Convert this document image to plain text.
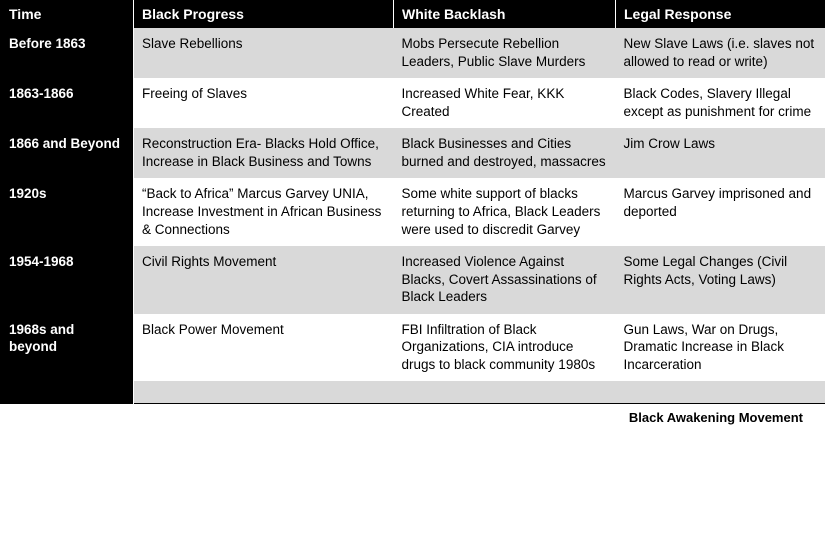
Time	Black Progress	White Backlash	Legal Response
Before 1863	Slave Rebellions	Mobs Persecute Rebellion Leaders, Public Slave Murders	New Slave Laws (i.e. slaves not allowed to read or write)
1863-1866	Freeing of Slaves	Increased White Fear, KKK Created	Black Codes, Slavery Illegal except as punishment for crime
1866 and Beyond	Reconstruction Era- Blacks Hold Office, Increase in Black Business and Towns	Black Businesses and Cities burned and destroyed, massacres	Jim Crow Laws
1920s	“Back to Africa” Marcus Garvey UNIA, Increase Investment in African Business & Connections	Some white support of blacks returning to Africa, Black Leaders were used to discredit Garvey	Marcus Garvey imprisoned and deported
1954-1968	Civil Rights Movement	Increased Violence Against Blacks, Covert Assassinations of Black Leaders	Some Legal Changes (Civil Rights Acts, Voting Laws)
1968s and beyond	Black Power Movement	FBI Infiltration of Black Organizations, CIA introduce drugs to black community 1980s	Gun Laws, War on Drugs, Dramatic Increase in Black Incarceration

Black Awakening Movement
